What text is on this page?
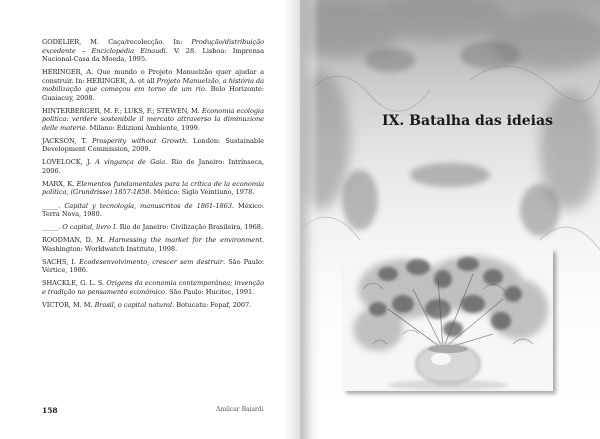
GODELIER, M. Caça/recolecção. In: Produção/distribuição excedente – Enciclopédia Einaudi. V. 28. Lisboa: Imprensa Nacional-Casa da Moeda, 1995.

HERINGER, A. Que mundo o Projeto Manuelzão quer ajudar a construir. In: HERINGER, A. et all Projeto Manuelzão, a história da mobilização que começou em torno de um rio. Belo Horizonte: Guaiacuy, 2008.

HINTERBERGER, M. F.; LUKS, F.; STEWEN, M. Economia ecologia politica: verdere sostenibile il mercato attraverso la diminuzione delle materie. Milano: Edizioni Ambiente, 1999.

JACKSON, T. Prosperity without Growth. London: Sustainable Development Commission, 2009.

LOVELOCK, J. A vingança de Gaia. Rio de Janeiro: Intrínseca, 2006.

MARX, K. Elementos fundamentales para la crítica de la economía política, (Grundrisse) 1857-1858. México: Siglo Veintiuno, 1978.

_____. Capital y tecnología, manuscritos de 1861-1863. México: Terra Nova, 1980.

_____. O capital, livro I. Rio de Janeiro: Civilização Brasileira, 1968.

ROODMAN, D. M. Harnessing the market for the environment. Washington: Worldwatch Institute, 1998.

SACHS, I. Ecodesenvolvimento, crescer sem destruir. São Paulo: Vértice, 1986.

SHACKLE, G. L. S. Origens da economia contemporânea; invenção e tradição no pensamento econômico. São Paulo: Hucitec, 1991.

VICTOR, M. M. Brasil, o capital natural. Botucatu: Fepaf, 2007.

158	Amilcar Baiardi
IX. Batalha das ideias
